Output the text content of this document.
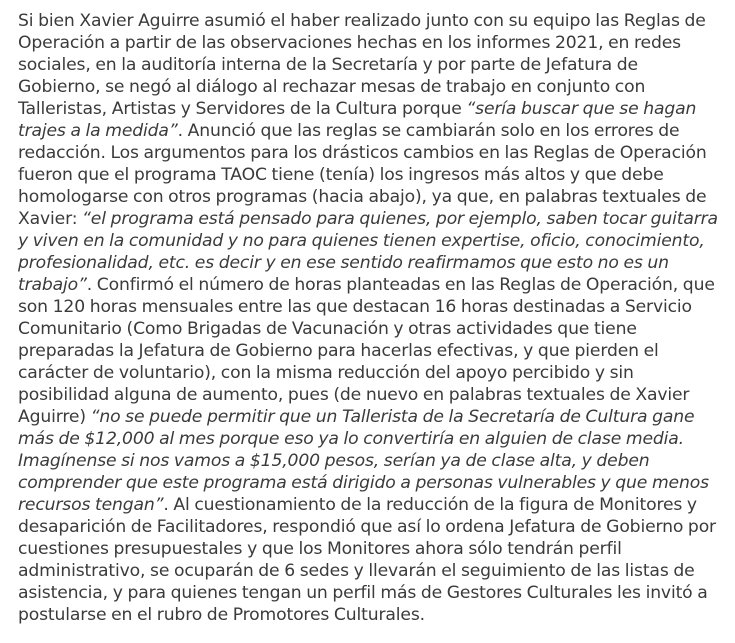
Si bien Xavier Aguirre asumió el haber realizado junto con su equipo las Reglas de Operación a partir de las observaciones hechas en los informes 2021, en redes sociales, en la auditoría interna de la Secretaría y por parte de Jefatura de Gobierno, se negó al diálogo al rechazar mesas de trabajo en conjunto con Talleristas, Artistas y Servidores de la Cultura porque “sería buscar que se hagan trajes a la medida”. Anunció que las reglas se cambiarán solo en los errores de redacción. Los argumentos para los drásticos cambios en las Reglas de Operación fueron que el programa TAOC tiene (tenía) los ingresos más altos y que debe homologarse con otros programas (hacia abajo), ya que, en palabras textuales de Xavier: “el programa está pensado para quienes, por ejemplo, saben tocar guitarra y viven en la comunidad y no para quienes tienen expertise, oficio, conocimiento, profesionalidad, etc. es decir y en ese sentido reafirmamos que esto no es un trabajo”. Confirmó el número de horas planteadas en las Reglas de Operación, que son 120 horas mensuales entre las que destacan 16 horas destinadas a Servicio Comunitario (Como Brigadas de Vacunación y otras actividades que tiene preparadas la Jefatura de Gobierno para hacerlas efectivas, y que pierden el carácter de voluntario), con la misma reducción del apoyo percibido y sin posibilidad alguna de aumento, pues (de nuevo en palabras textuales de Xavier Aguirre) “no se puede permitir que un Tallerista de la Secretaría de Cultura gane más de $12,000 al mes porque eso ya lo convertiría en alguien de clase media. Imagínense si nos vamos a $15,000 pesos, serían ya de clase alta, y deben comprender que este programa está dirigido a personas vulnerables y que menos recursos tengan”. Al cuestionamiento de la reducción de la figura de Monitores y desaparición de Facilitadores, respondió que así lo ordena Jefatura de Gobierno por cuestiones presupuestales y que los Monitores ahora sólo tendrán perfil administrativo, se ocuparán de 6 sedes y llevarán el seguimiento de las listas de asistencia, y para quienes tengan un perfil más de Gestores Culturales les invitó a postularse en el rubro de Promotores Culturales.
